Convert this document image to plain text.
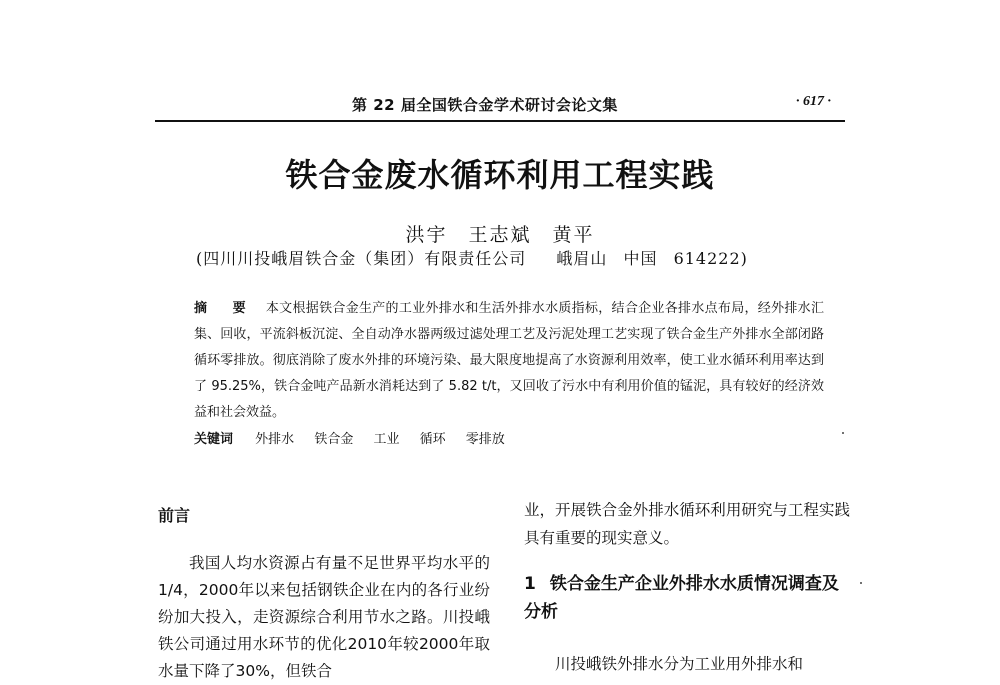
第 22 届全国铁合金学术研讨会论文集	· 617 ·
铁合金废水循环利用工程实践
洪宇　王志斌　黄平
(四川川投峨眉铁合金（集团）有限责任公司 峨眉山 中国 614222)
摘　要 本文根据铁合金生产的工业外排水和生活外排水水质指标，结合企业各排水点布局，经外排水汇集、回收，平流斜板沉淀、全自动净水器两级过滤处理工艺及污泥处理工艺实现了铁合金生产外排水全部闭路循环零排放。彻底消除了废水外排的环境污染、最大限度地提高了水资源利用效率，使工业水循环利用率达到了 95.25%，铁合金吨产品新水消耗达到了 5.82 t/t，又回收了污水中有利用价值的锰泥，具有较好的经济效益和社会效益。
关键词 外排水 铁合金 工业 循环 零排放
前言

我国人均水资源占有量不足世界平均水平的1/4，2000年以来包括钢铁企业在内的各行业纷纷加大投入，走资源综合利用节水之路。川投峨铁公司通过用水环节的优化2010年较2000年取水量下降了30%，但铁合

业，开展铁合金外排水循环利用研究与工程实践具有重要的现实意义。

1 铁合金生产企业外排水水质情况调查及分析

川投峨铁外排水分为工业用外排水和
